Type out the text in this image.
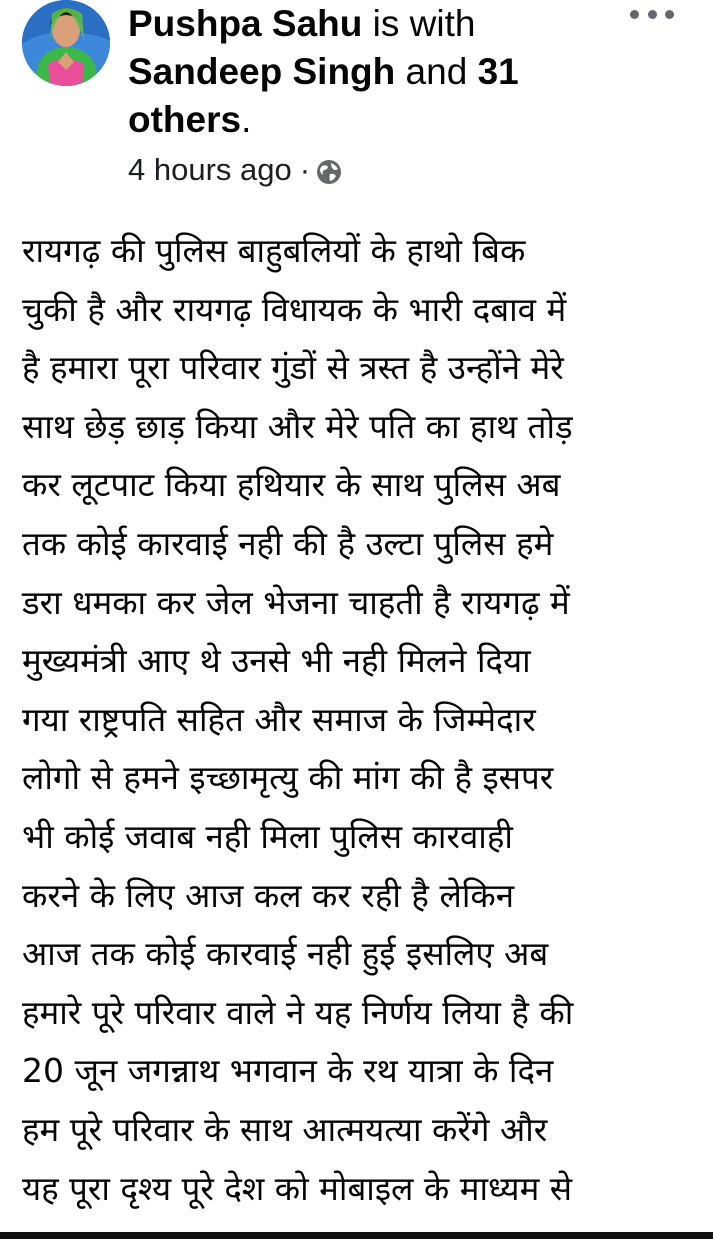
Pushpa Sahu is with
Sandeep Singh and 31
others.
4 hours ago ·
रायगढ़ की पुलिस बाहुबलियों के हाथो बिक
चुकी है और रायगढ़ विधायक के भारी दबाव में
है हमारा पूरा परिवार गुंडों से त्रस्त है उन्होंने मेरे
साथ छेड़ छाड़ किया और मेरे पति का हाथ तोड़
कर लूटपाट किया हथियार के साथ पुलिस अब
तक कोई कारवाई नही की है उल्टा पुलिस हमे
डरा धमका कर जेल भेजना चाहती है रायगढ़ में
मुख्यमंत्री आए थे उनसे भी नही मिलने दिया
गया राष्ट्रपति सहित और समाज के जिम्मेदार
लोगो से हमने इच्छामृत्यु की मांग की है इसपर
भी कोई जवाब नही मिला पुलिस कारवाही
करने के लिए आज कल कर रही है लेकिन
आज तक कोई कारवाई नही हुई इसलिए अब
हमारे पूरे परिवार वाले ने यह निर्णय लिया है की
20 जून जगन्नाथ भगवान के रथ यात्रा के दिन
हम पूरे परिवार के साथ आत्मयत्या करेंगे और
यह पूरा दृश्य पूरे देश को मोबाइल के माध्यम से
